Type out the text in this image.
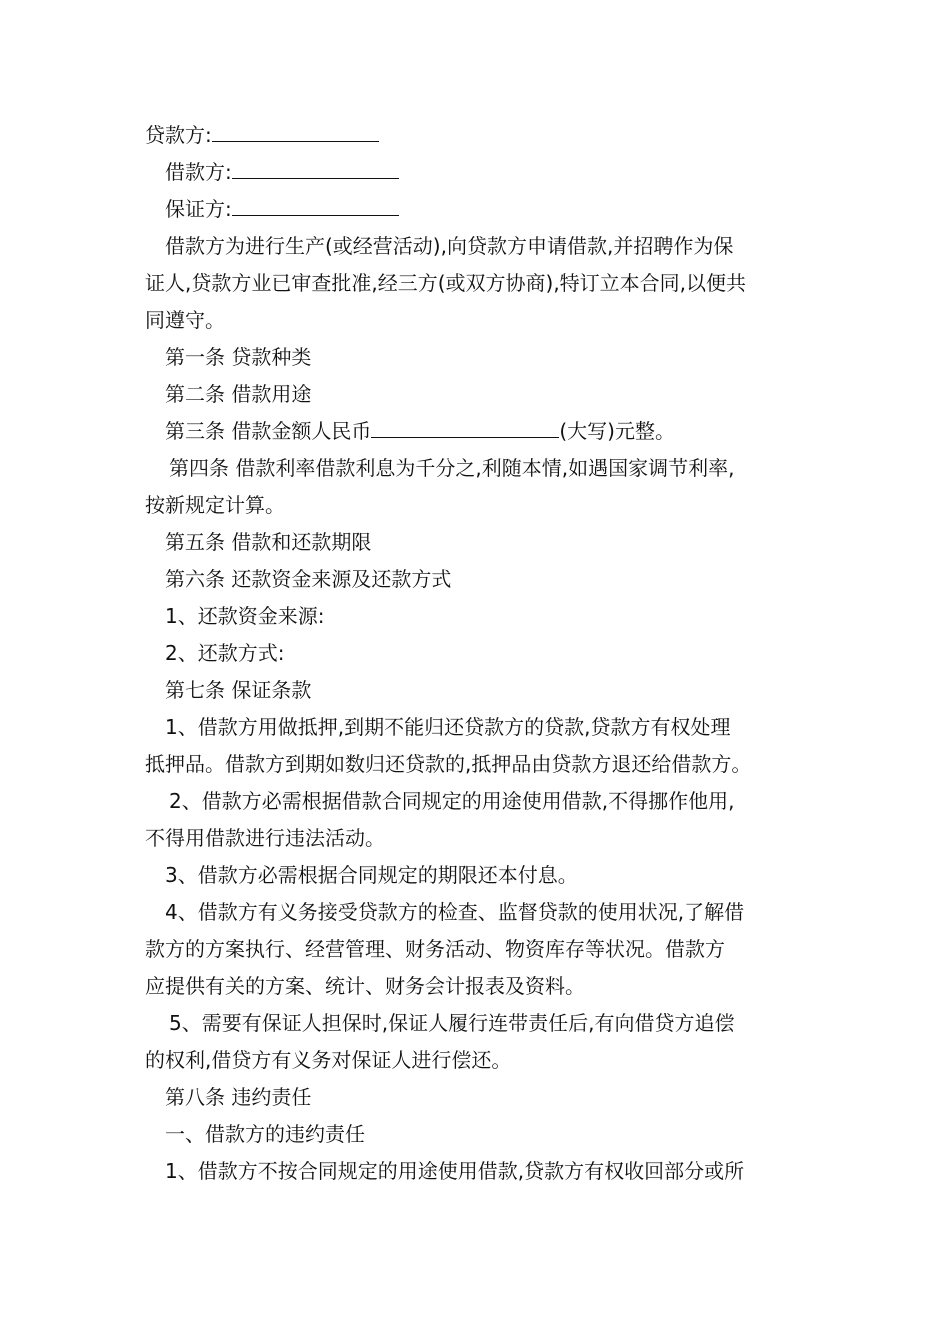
贷款方:
借款方:
保证方:
借款方为进行生产(或经营活动),向贷款方申请借款,并招聘作为保
证人,贷款方业已审查批准,经三方(或双方协商),特订立本合同,以便共
同遵守。
第一条 贷款种类
第二条 借款用途
第三条 借款金额人民币	(大写)元整。
第四条 借款利率借款利息为千分之,利随本情,如遇国家调节利率,
按新规定计算。
第五条 借款和还款期限
第六条 还款资金来源及还款方式
1、还款资金来源:
2、还款方式:
第七条 保证条款
1、借款方用做抵押,到期不能归还贷款方的贷款,贷款方有权处理
抵押品。借款方到期如数归还贷款的,抵押品由贷款方退还给借款方。
2、借款方必需根据借款合同规定的用途使用借款,不得挪作他用,
不得用借款进行违法活动。
3、借款方必需根据合同规定的期限还本付息。
4、借款方有义务接受贷款方的检查、监督贷款的使用状况,了解借
款方的方案执行、经营管理、财务活动、物资库存等状况。借款方
应提供有关的方案、统计、财务会计报表及资料。
5、需要有保证人担保时,保证人履行连带责任后,有向借贷方追偿
的权利,借贷方有义务对保证人进行偿还。
第八条 违约责任
一、借款方的违约责任
1、借款方不按合同规定的用途使用借款,贷款方有权收回部分或所
